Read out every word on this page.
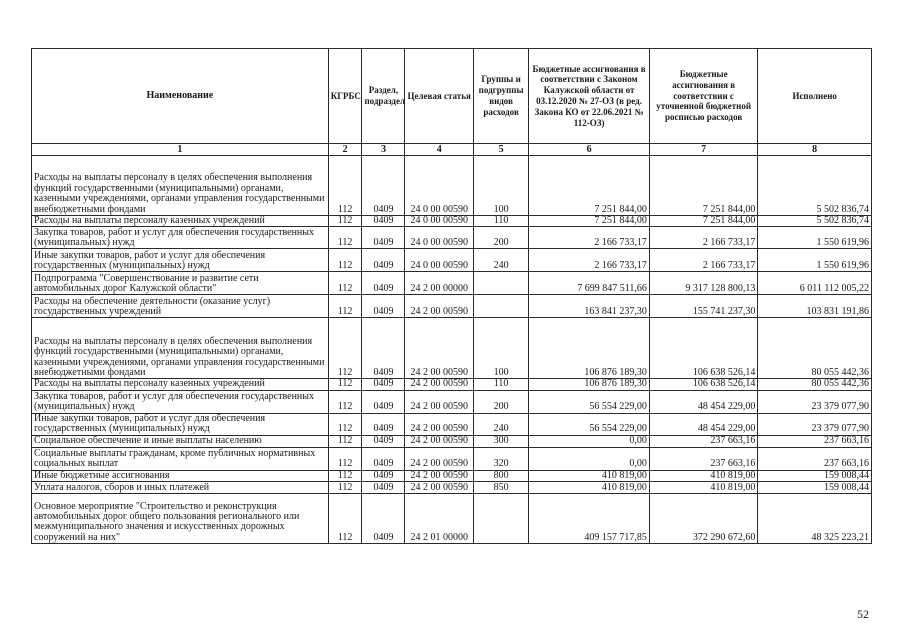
Наименование	КГРБС	Раздел, подраздел	Целевая статья	Группы и подгруппы видов расходов	Бюджетные ассигнования в соответствии с Законом Калужской области от 03.12.2020 № 27-ОЗ (в ред. Закона КО от 22.06.2021 № 112-ОЗ)	Бюджетные ассигнования в соответствии с уточненной бюджетной росписью расходов	Исполнено
1	2	3	4	5	6	7	8
Расходы на выплаты персоналу в целях обеспечения выполнения функций государственными (муниципальными) органами, казенными учреждениями, органами управления государственными внебюджетными фондами	112	0409	24 0 00 00590	100	7 251 844,00	7 251 844,00	5 502 836,74
Расходы на выплаты персоналу казенных учреждений	112	0409	24 0 00 00590	110	7 251 844,00	7 251 844,00	5 502 836,74
Закупка товаров, работ и услуг для обеспечения государственных (муниципальных) нужд	112	0409	24 0 00 00590	200	2 166 733,17	2 166 733,17	1 550 619,96
Иные закупки товаров, работ и услуг для обеспечения государственных (муниципальных) нужд	112	0409	24 0 00 00590	240	2 166 733,17	2 166 733,17	1 550 619,96
Подпрограмма "Совершенствование и развитие сети автомобильных дорог Калужской области"	112	0409	24 2 00 00000		7 699 847 511,66	9 317 128 800,13	6 011 112 005,22
Расходы на обеспечение деятельности (оказание услуг) государственных учреждений	112	0409	24 2 00 00590		163 841 237,30	155 741 237,30	103 831 191,86
Расходы на выплаты персоналу в целях обеспечения выполнения функций государственными (муниципальными) органами, казенными учреждениями, органами управления государственными внебюджетными фондами	112	0409	24 2 00 00590	100	106 876 189,30	106 638 526,14	80 055 442,36
Расходы на выплаты персоналу казенных учреждений	112	0409	24 2 00 00590	110	106 876 189,30	106 638 526,14	80 055 442,36
Закупка товаров, работ и услуг для обеспечения государственных (муниципальных) нужд	112	0409	24 2 00 00590	200	56 554 229,00	48 454 229,00	23 379 077,90
Иные закупки товаров, работ и услуг для обеспечения государственных (муниципальных) нужд	112	0409	24 2 00 00590	240	56 554 229,00	48 454 229,00	23 379 077,90
Социальное обеспечение и иные выплаты населению	112	0409	24 2 00 00590	300	0,00	237 663,16	237 663,16
Социальные выплаты гражданам, кроме публичных нормативных социальных выплат	112	0409	24 2 00 00590	320	0,00	237 663,16	237 663,16
Иные бюджетные ассигнования	112	0409	24 2 00 00590	800	410 819,00	410 819,00	159 008,44
Уплата налогов, сборов и иных платежей	112	0409	24 2 00 00590	850	410 819,00	410 819,00	159 008,44
Основное мероприятие "Строительство и реконструкция автомобильных дорог общего пользования регионального или межмуниципального значения и искусственных дорожных сооружений на них"	112	0409	24 2 01 00000		409 157 717,85	372 290 672,60	48 325 223,21
52
